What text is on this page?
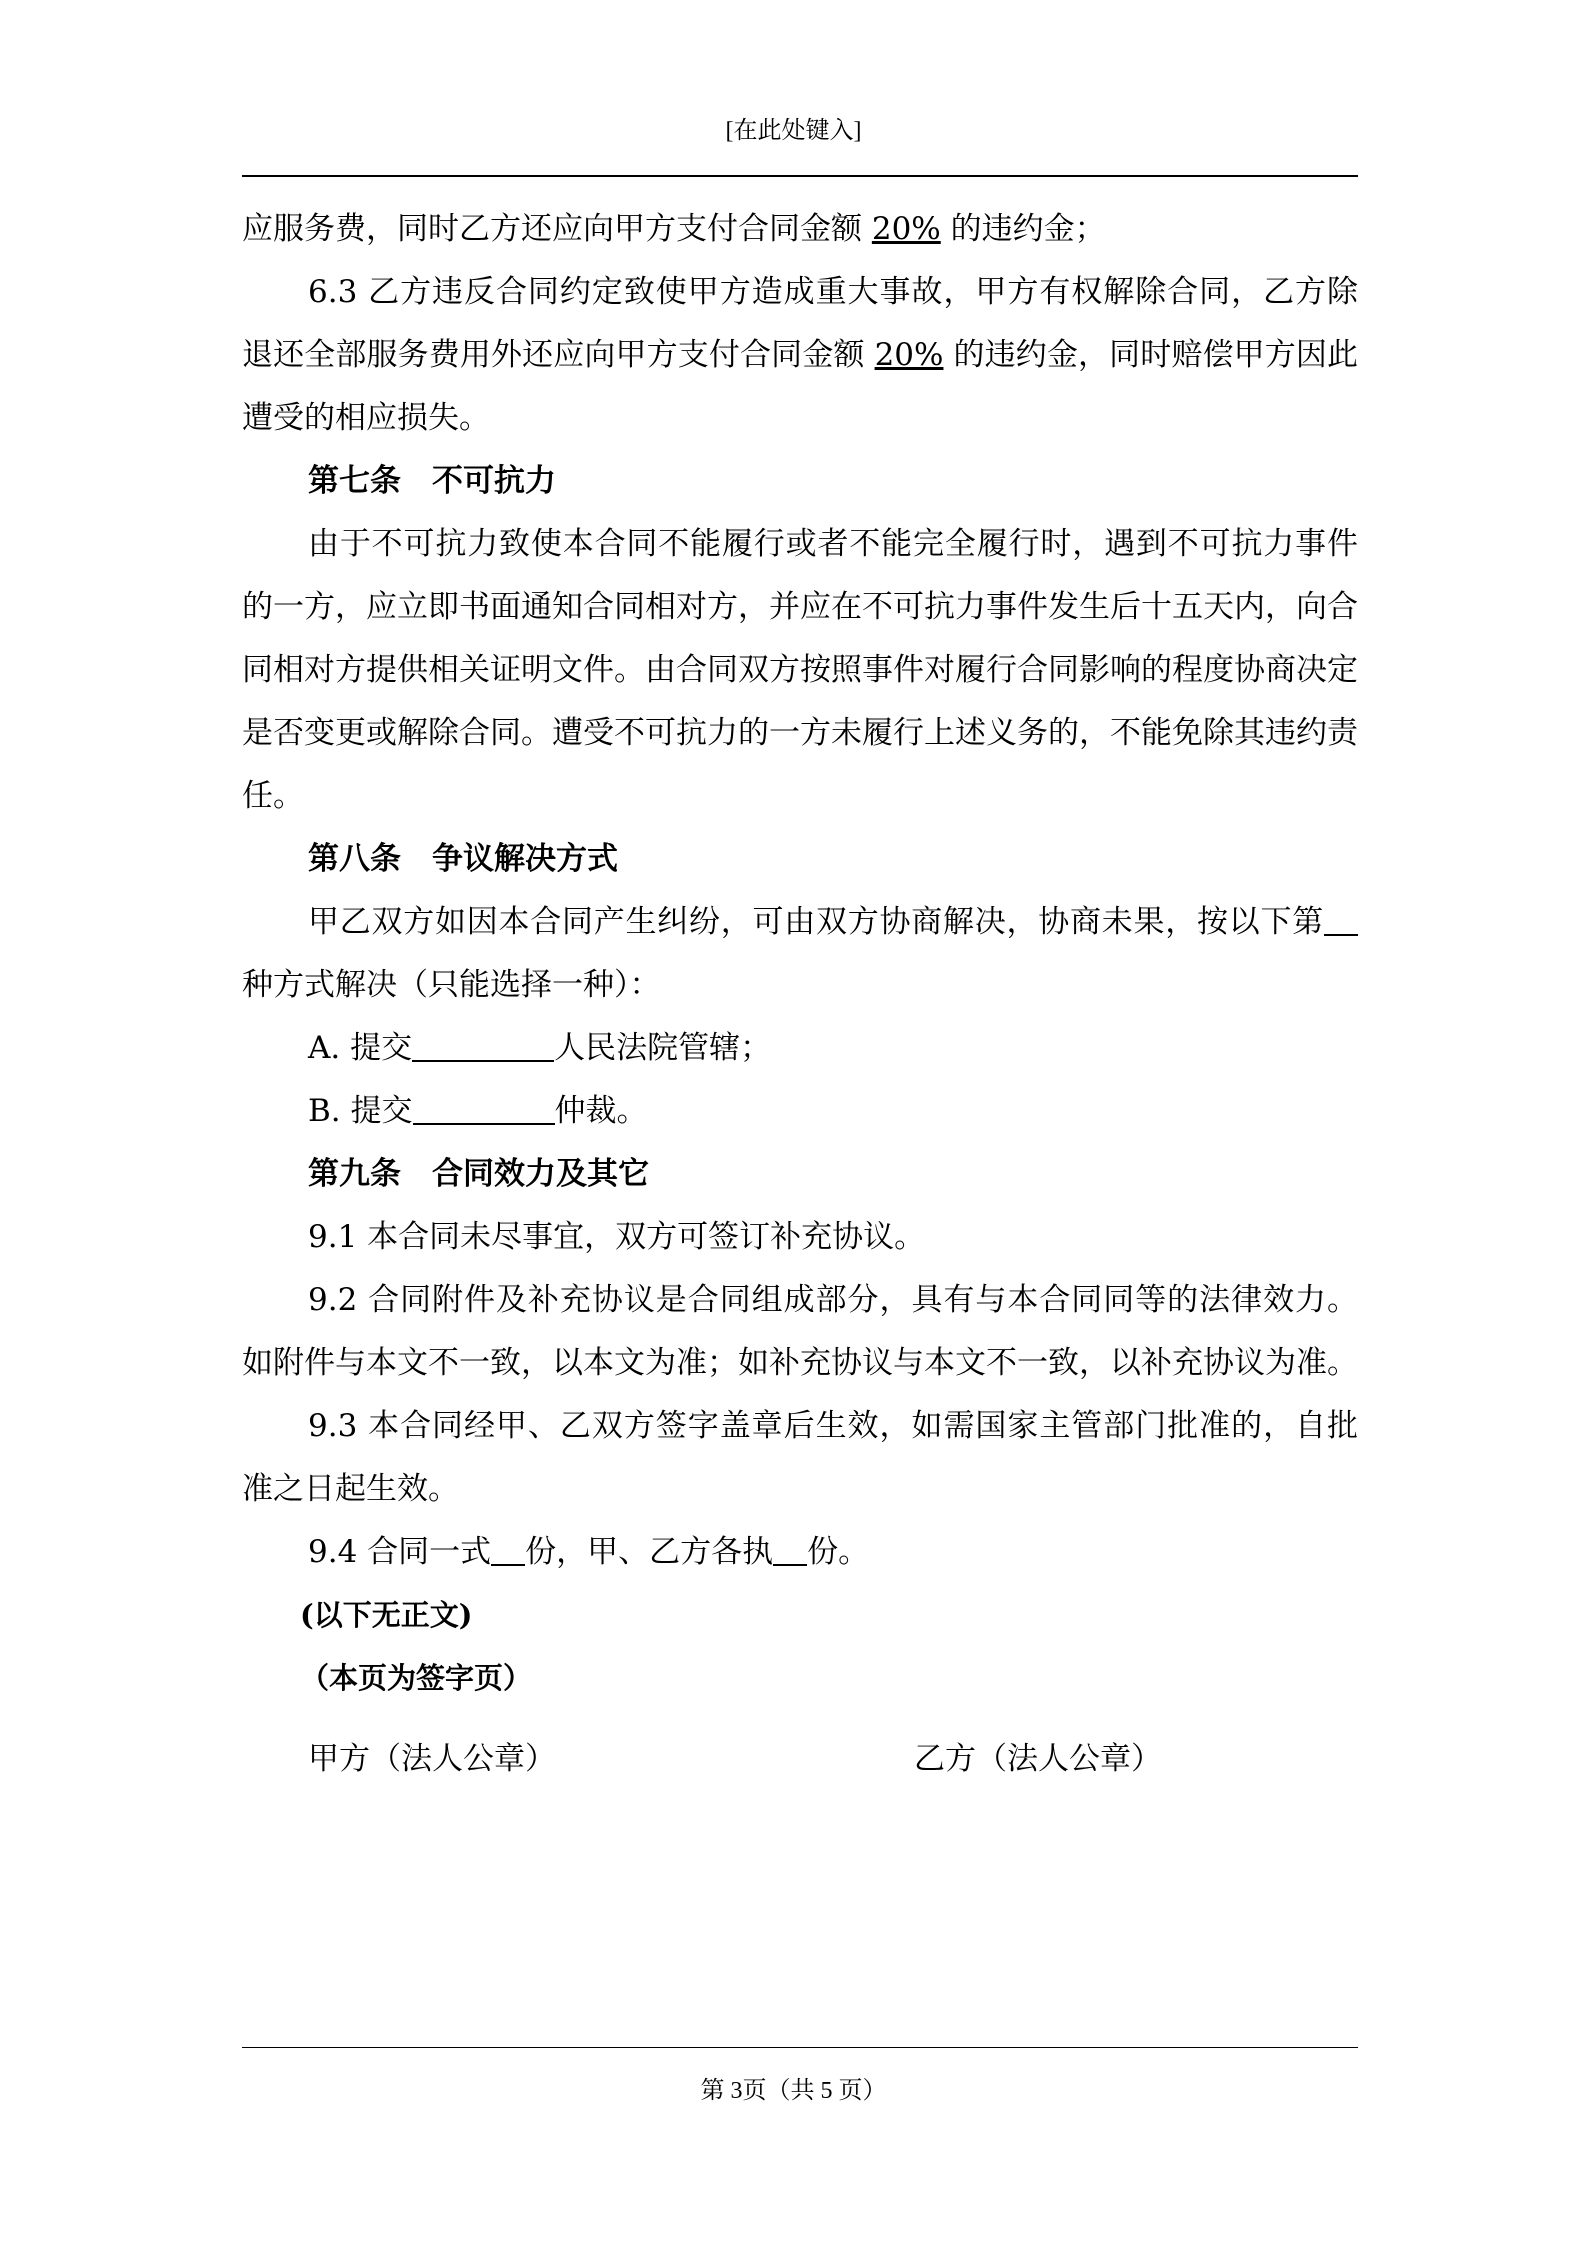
[在此处键入]

应服务费，同时乙方还应向甲方支付合同金额 20% 的违约金；

6.3 乙方违反合同约定致使甲方造成重大事故，甲方有权解除合同，乙方除退还全部服务费用外还应向甲方支付合同金额 20% 的违约金，同时赔偿甲方因此遭受的相应损失。

第七条　不可抗力

由于不可抗力致使本合同不能履行或者不能完全履行时，遇到不可抗力事件的一方，应立即书面通知合同相对方，并应在不可抗力事件发生后十五天内，向合同相对方提供相关证明文件。由合同双方按照事件对履行合同影响的程度协商决定是否变更或解除合同。遭受不可抗力的一方未履行上述义务的，不能免除其违约责任。

第八条　争议解决方式

甲乙双方如因本合同产生纠纷，可由双方协商解决，协商未果，按以下第种方式解决（只能选择一种）：

A. 提交	人民法院管辖；

B. 提交	仲裁。

第九条　合同效力及其它

9.1 本合同未尽事宜，双方可签订补充协议。

9.2 合同附件及补充协议是合同组成部分，具有与本合同同等的法律效力。如附件与本文不一致，以本文为准；如补充协议与本文不一致，以补充协议为准。

9.3 本合同经甲、乙双方签字盖章后生效，如需国家主管部门批准的，自批准之日起生效。

9.4 合同一式 份，甲、乙方各执 份。

(以下无正文)

（本页为签字页）

甲方（法人公章）	乙方（法人公章）
第 3页（共 5 页）
